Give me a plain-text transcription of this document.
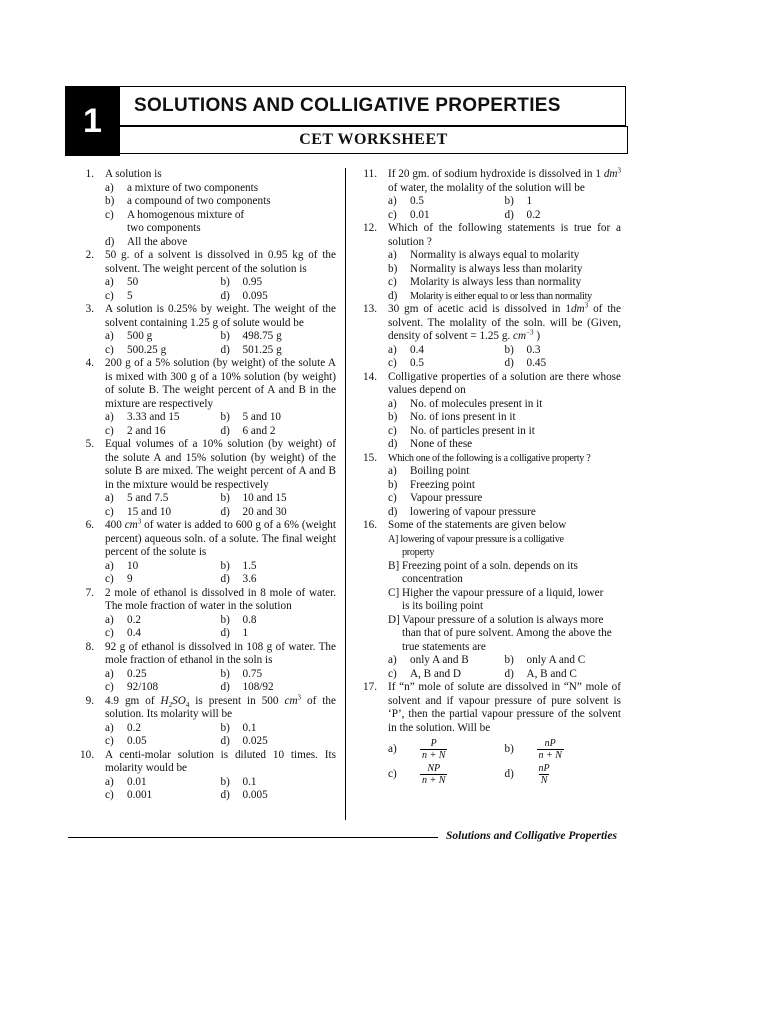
1	SOLUTIONS AND COLLIGATIVE PROPERTIES
CET WORKSHEET
1. A solution is
a)	a mixture of two components
b)	a compound of two components
c)	A homogenous mixture of two components
d)	All the above
2. 50 g. of a solvent is dissolved in 0.95 kg of the solvent. The weight percent of the solution is
a)	50	b)	0.95
c)	5	d)	0.095
3. A solution is 0.25% by weight. The weight of the solvent containing 1.25 g of solute would be
a)	500 g	b)	498.75 g
c)	500.25 g	d)	501.25 g
4. 200 g of a 5% solution (by weight) of the solute A is mixed with 300 g of a 10% solution (by weight) of solute B. The weight percent of A and B in the mixture are respectively
a)	3.33 and 15	b)	5 and 10
c)	2 and 16	d)	6 and 2
5. Equal volumes of a 10% solution (by weight) of the solute A and 15% solution (by weight) of the solute B are mixed. The weight percent of A and B in the mixture would be respectively
a)	5 and 7.5	b)	10 and 15
c)	15 and 10	d)	20 and 30
6. 400 $cm^3$ of water is added to 600 g of a 6% (weight percent) aqueous soln. of a solute. The final weight percent of the solute is
a)	10	b)	1.5
c)	9	d)	3.6
7. 2 mole of ethanol is dissolved in 8 mole of water. The mole fraction of water in the solution
a)	0.2	b)	0.8
c)	0.4	d)	1
8. 92 g of ethanol is dissolved in 108 g of water. The mole fraction of ethanol in the soln is
a)	0.25	b)	0.75
c)	92/108	d)	108/92
9. 4.9 gm of $H_2SO_4$ is present in 500 $cm^3$ of the solution. Its molarity will be
a)	0.2	b)	0.1
c)	0.05	d)	0.025
10. A centi-molar solution is diluted 10 times. Its molarity would be
a)	0.01	b)	0.1
c)	0.001	d)	0.005
11. If 20 gm. of sodium hydroxide is dissolved in 1 $dm^3$ of water, the molality of the solution will be
a)	0.5	b)	1
c)	0.01	d)	0.2
12. Which of the following statements is true for a solution ?
a)	Normality is always equal to molarity
b)	Normality is always less than molarity
c)	Molarity is always less than normality
d)	Molarity is either equal to or less than normality
13. 30 gm of acetic acid is dissolved in $1dm^3$ of the solvent. The molality of the soln. will be (Given, density of solvent = 1.25 g. $cm^{-3}$ )
a)	0.4	b)	0.3
c)	0.5	d)	0.45
14. Colligative properties of a solution are there whose values depend on
a)	No. of molecules present in it
b)	No. of ions present in it
c)	No. of particles present in it
d)	None of these
15. Which one of the following is a colligative property ?
a)	Boiling point
b)	Freezing point
c)	Vapour pressure
d)	lowering of vapour pressure
16. Some of the statements are given below
A] lowering of vapour pressure is a colligative
property
B] Freezing point of a soln. depends on its
concentration
C] Higher the vapour pressure of a liquid, lower
is its boiling point
D] Vapour pressure of a solution is always more
than that of pure solvent. Among the above the true statements are
a)	only A and B	b)	only A and C
c)	A, B and D	d)	A, B and C
17. If “n” mole of solute are dissolved in “N” mole of solvent and if vapour pressure of pure solvent is ‘P’, then the partial vapour pressure of the solvent in the solution. Will be
a)	$\frac{P}{n + N}$	b)	$\frac{nP}{n + N}$
c)	$\frac{NP}{n + N}$	d)	$\frac{nP}{N}$
Solutions and Colligative Properties
